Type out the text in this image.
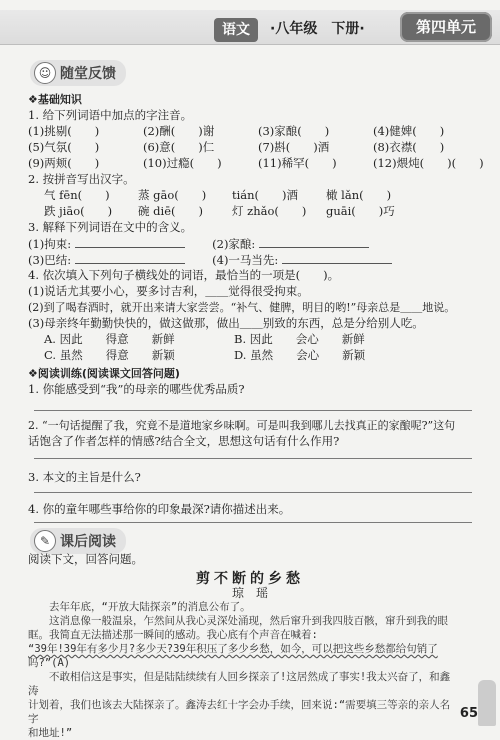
语文	·八年级　下册·	第四单元
☺ 随堂反馈
❖基础知识
1. 给下列词语中加点的字注音。
(1)挑剔(　　)	(2)酬(　　)谢	(3)家酿(　　)	(4)健婢(　　)
(5)气氛(　　)	(6)意(　　)仁	(7)斟(　　)酒	(8)衣襟(　　)
(9)两颊(　　)	(10)过瘾(　　)	(11)稀罕(　　)	(12)煨炖(　　)(　　)
2. 按拼音写出汉字。
气 fēn(　　) 蒸 gāo(　　) tián(　　)酒 橄 lǎn(　　)
跌 jiāo(　　) 碗 diē(　　)	灯 zhǎo(　　) guāi(　　)巧
3. 解释下列词语在文中的含义。
(1)拘束:	(2)家酿:
(3)巴结:	(4)一马当先:
4. 依次填入下列句子横线处的词语，最恰当的一项是(　　)。
(1)说话尤其要小心，要多讨吉利，＿＿觉得很受拘束。
(2)到了喝春酒时，就开出来请大家尝尝。“补气、健脾，明目的哟!”母亲总是＿＿地说。
(3)母亲终年勤勤快快的，做这做那，做出＿＿别致的东西，总是分给别人吃。
A. 因此　　得意　　新鲜	B. 因此　　会心　　新鲜
C. 虽然　　得意　　新颖	D. 虽然　　会心　　新颖
❖阅读训练(阅读课文回答问题)
1. 你能感受到“我”的母亲的哪些优秀品质?
2. “一句话提醒了我，究竟不是道地家乡味啊。可是叫我到哪儿去找真正的家酿呢?”这句
话饱含了作者怎样的情感?结合全文，思想这句话有什么作用?
3. 本文的主旨是什么?
4. 你的童年哪些事给你的印象最深?请你描述出来。
✎ 课后阅读
阅读下文，回答问题。
剪不断的乡愁
琼　瑶
去年年底，“开放大陆探亲”的消息公布了。
这消息像一般温泉，乍然间从我心灵深处涌现，然后窜升到我四肢百骸，窜升到我的眼
眶。我简直无法描述那一瞬间的感动。我心底有个声音在喊着:
“39年!39年有多少月?多少天?39年积压了多少乡愁，如今，可以把这些乡愁都给句销了
吗?”(A)
不敢相信这是事实，但是陆陆续续有人回乡探亲了!这居然成了事实!我太兴奋了，和鑫涛
计划着，我们也该去大陆探亲了。鑫涛去红十字会办手续，回来说:“需要填三等亲的亲人名字
和地址!”
65
